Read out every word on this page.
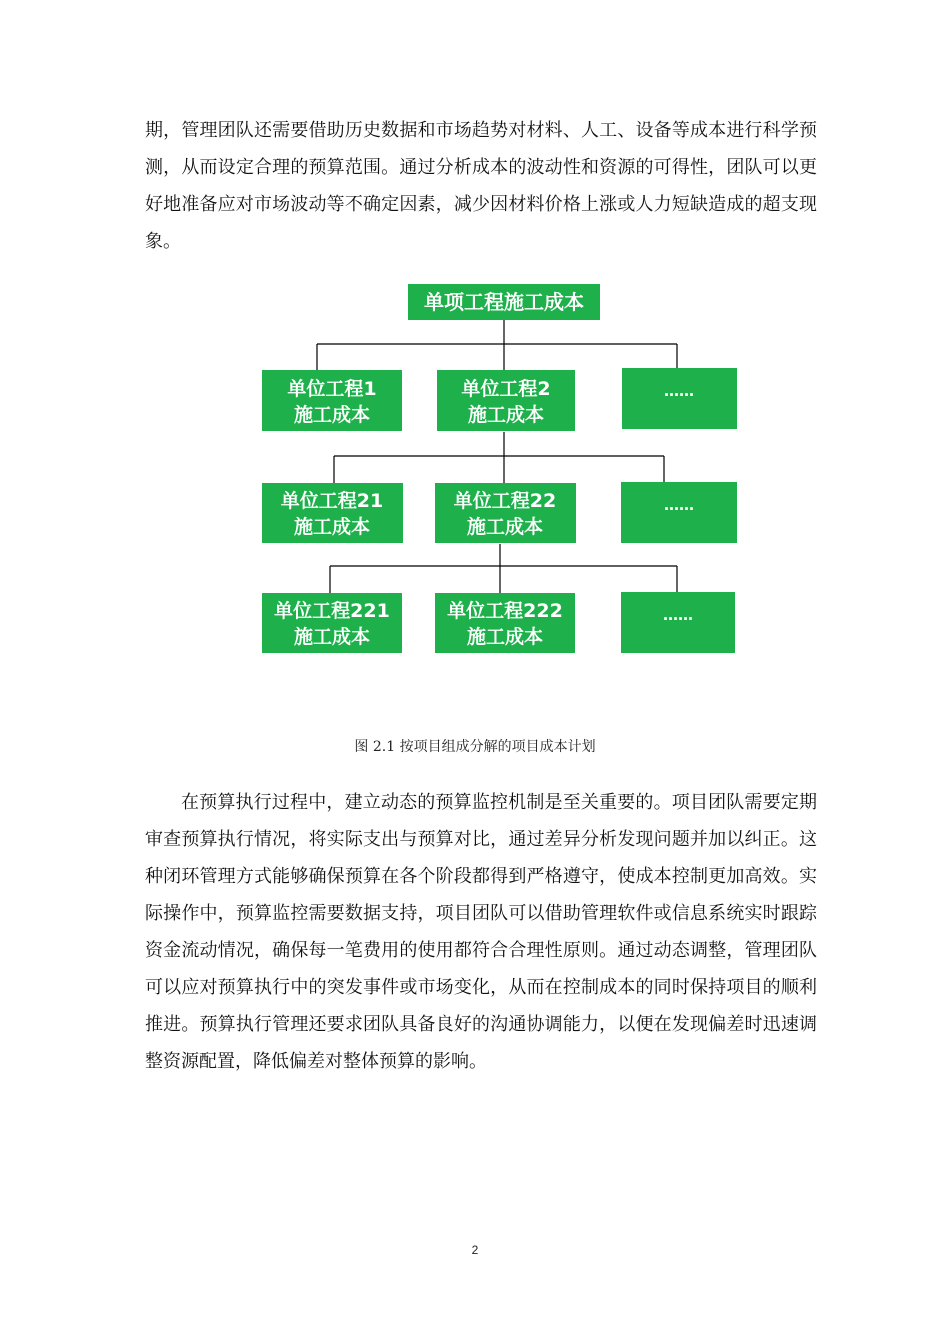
期，管理团队还需要借助历史数据和市场趋势对材料、人工、设备等成本进行科学预测，从而设定合理的预算范围。通过分析成本的波动性和资源的可得性，团队可以更好地准备应对市场波动等不确定因素，减少因材料价格上涨或人力短缺造成的超支现象。

单项工程施工成本
单位工程1
施工成本
单位工程2
施工成本
……
单位工程21
施工成本
单位工程22
施工成本
……
单位工程221
施工成本
单位工程222
施工成本
……
图 2.1 按项目组成分解的项目成本计划

在预算执行过程中，建立动态的预算监控机制是至关重要的。项目团队需要定期审查预算执行情况，将实际支出与预算对比，通过差异分析发现问题并加以纠正。这种闭环管理方式能够确保预算在各个阶段都得到严格遵守，使成本控制更加高效。实际操作中，预算监控需要数据支持，项目团队可以借助管理软件或信息系统实时跟踪资金流动情况，确保每一笔费用的使用都符合合理性原则。通过动态调整，管理团队可以应对预算执行中的突发事件或市场变化，从而在控制成本的同时保持项目的顺利推进。预算执行管理还要求团队具备良好的沟通协调能力，以便在发现偏差时迅速调整资源配置，降低偏差对整体预算的影响。

2
